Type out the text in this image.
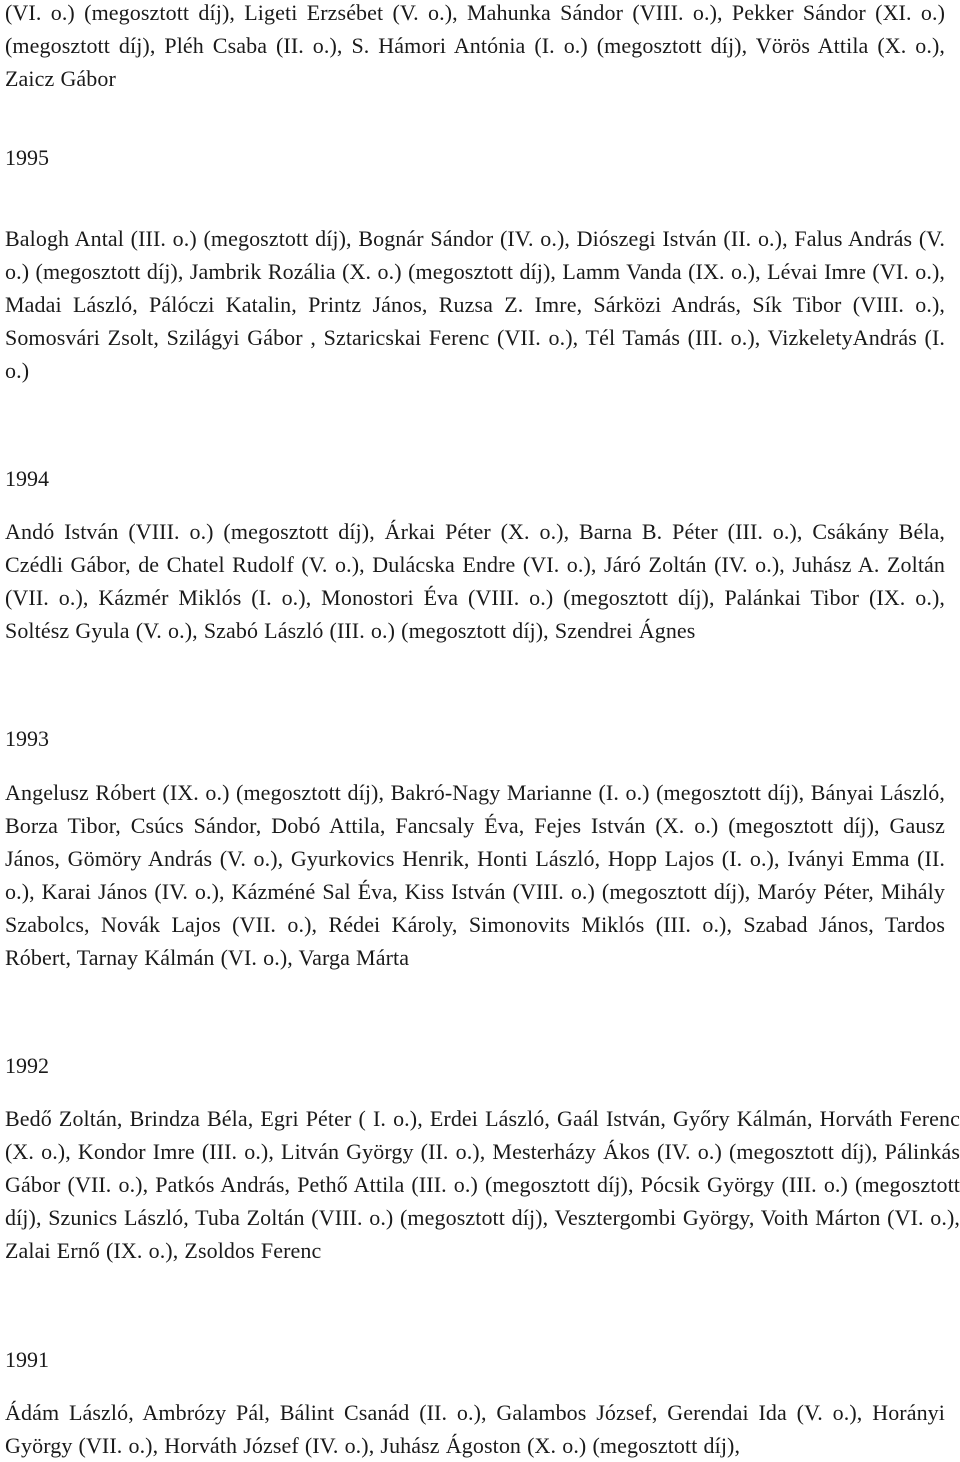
(VI. o.) (megosztott díj), Ligeti Erzsébet (V. o.), Mahunka Sándor (VIII. o.), Pekker Sándor (XI. o.) (megosztott díj), Pléh Csaba (II. o.), S. Hámori Antónia (I. o.) (megosztott díj), Vörös Attila (X. o.), Zaicz Gábor

1995

Balogh Antal (III. o.) (megosztott díj), Bognár Sándor (IV. o.), Diószegi István (II. o.), Falus András (V. o.) (megosztott díj), Jambrik Rozália (X. o.) (megosztott díj), Lamm Vanda (IX. o.), Lévai Imre (VI. o.), Madai László, Pálóczi Katalin, Printz János, Ruzsa Z. Imre, Sárközi András, Sík Tibor (VIII. o.), Somosvári Zsolt, Szilágyi Gábor , Sztaricskai Ferenc (VII. o.), Tél Tamás (III. o.), VizkeletyAndrás (I. o.)

1994

Andó István (VIII. o.) (megosztott díj), Árkai Péter (X. o.), Barna B. Péter (III. o.), Csákány Béla, Czédli Gábor, de Chatel Rudolf (V. o.), Dulácska Endre (VI. o.), Járó Zoltán (IV. o.), Juhász A. Zoltán (VII. o.), Kázmér Miklós (I. o.), Monostori Éva (VIII. o.) (megosztott díj), Palánkai Tibor (IX. o.), Soltész Gyula (V. o.), Szabó László (III. o.) (megosztott díj), Szendrei Ágnes

1993

Angelusz Róbert (IX. o.) (megosztott díj), Bakró-Nagy Marianne (I. o.) (megosztott díj), Bányai László, Borza Tibor, Csúcs Sándor, Dobó Attila, Fancsaly Éva, Fejes István (X. o.) (megosztott díj), Gausz János, Gömöry András (V. o.), Gyurkovics Henrik, Honti László, Hopp Lajos (I. o.), Iványi Emma (II. o.), Karai János (IV. o.), Kázméné Sal Éva, Kiss István (VIII. o.) (megosztott díj), Maróy Péter, Mihály Szabolcs, Novák Lajos (VII. o.), Rédei Károly, Simonovits Miklós (III. o.), Szabad János, Tardos Róbert, Tarnay Kálmán (VI. o.), Varga Márta

1992

Bedő Zoltán, Brindza Béla, Egri Péter ( I. o.), Erdei László, Gaál István, Győry Kálmán, Horváth Ferenc (X. o.), Kondor Imre (III. o.), Litván György (II. o.), Mesterházy Ákos (IV. o.) (megosztott díj), Pálinkás Gábor (VII. o.), Patkós András, Pethő Attila (III. o.) (megosztott díj), Pócsik György (III. o.) (megosztott díj), Szunics László, Tuba Zoltán (VIII. o.) (megosztott díj), Vesztergombi György, Voith Márton (VI. o.), Zalai Ernő (IX. o.), Zsoldos Ferenc

1991

Ádám László, Ambrózy Pál, Bálint Csanád (II. o.), Galambos József, Gerendai Ida (V. o.), Horányi György (VII. o.), Horváth József (IV. o.), Juhász Ágoston (X. o.) (megosztott díj),
